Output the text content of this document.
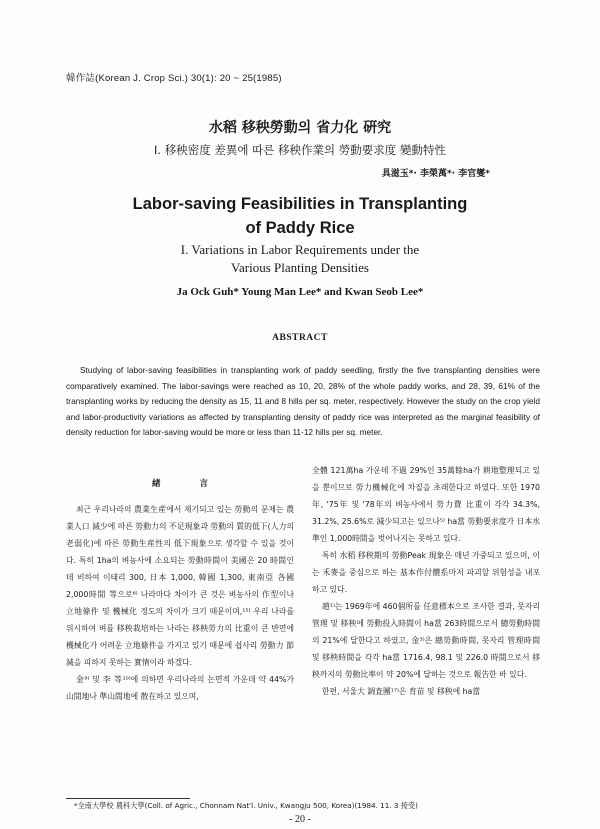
韓作誌(Korean J. Crop Sci.) 30(1): 20 ~ 25(1985)
水稻 移秧勞動의 省力化 硏究
I. 移秧密度 差異에 따른 移秧作業의 勞動要求度 變動特性
具滋玉*· 李榮萬*· 李官燮*
Labor-saving Feasibilities in Transplanting
of Paddy Rice
I. Variations in Labor Requirements under the
Various Planting Densities
Ja Ock Guh* Young Man Lee* and Kwan Seob Lee*
ABSTRACT
Studying of labor-saving feasibilities in transplanting work of paddy seedling, firstly the five transplanting densities were comparatively examined. The labor-savings were reached as 10, 20, 28% of the whole paddy works, and 28, 39, 61% of the transplanting works by reducing the density as 15, 11 and 8 hills per sq. meter, respectively. However the study on the crop yield and labor-productivity variations as affected by transplanting density of paddy rice was interpreted as the marginal feasibility of density reduction for labor-saving would be more or less than 11-12 hills per sq. meter.
緖 言

최근 우리나라의 農業生産에서 제기되고 있는 勞動의 문제는 農業人口 減少에 따른 勞動力의 不足現象과 勞動의 質的低下(人力의 老弱化)에 따른 勞動生産性의 低下現象으로 생각할 수 있을 것이다. 특히 1ha의 벼농사에 소요되는 勞動時間이 美國은 20 時間인데 비하여 이태리 300, 日本 1,000, 韓國 1,300, 東南亞 各國 2,000時間 等으로⁶⁾ 나라마다 차이가 큰 것은 벼농사의 作型이나 立地條件 및 機械化 정도의 차이가 크기 때문이며,¹⁵⁾ 우리 나라를 위시하여 벼를 移秧栽培하는 나라는 移秧勞力의 比重이 큰 반면에 機械化가 어려운 立地條件을 가지고 있기 때문에 쉽사리 勞動力 節減을 피하지 못하는 實情이라 하겠다.

金⁹⁾ 및 李 等¹⁰⁾에 의하면 우리나라의 논면적 가운데 약 44%가 山間地나 準山間地에 散在하고 있으며,

全體 121萬ha 가운데 不過 29%인 35萬餘ha가 耕地整理되고 있을 뿐이므로 勞力機械化에 차질을 초래한다고 하였다. 또한 1970年, '75年 및 '78年의 벼농사에서 勞力費 比重이 각각 34.3%, 31.2%, 25.6%로 減少되고는 있으나⁵⁾ ha當 勞動要求度가 日本水準인 1,000時間을 벗어나지는 못하고 있다.

특히 水稻 移秧期의 勞動Peak 現象은 매년 가중되고 있으며, 이는 禾麥을 중심으로 하는 基本作付體系마저 파괴할 위험성을 내포하고 있다.

趙¹⁾는 1969年에 460個所를 任意標本으로 조사한 결과, 못자리 管理 및 移秧에 勞動投入時間이 ha當 263時間으로서 總勞動時間의 21%에 달한다고 하였고, 金³⁾은 總勞動時間, 못자리 管理時間 및 移秧時間을 각각 ha當 1716.4, 98.1 및 226.0 時間으로서 移秧까지의 勞動比率이 약 20%에 달하는 것으로 報告한 바 있다.

한편, 서울大 調査團¹⁷⁾은 育苗 및 移秧에 ha當

*全南大學校 農科大學(Coll. of Agric., Chonnam Nat'l. Univ., Kwangju 500, Korea)(1984. 11. 3 接受)
- 20 -
